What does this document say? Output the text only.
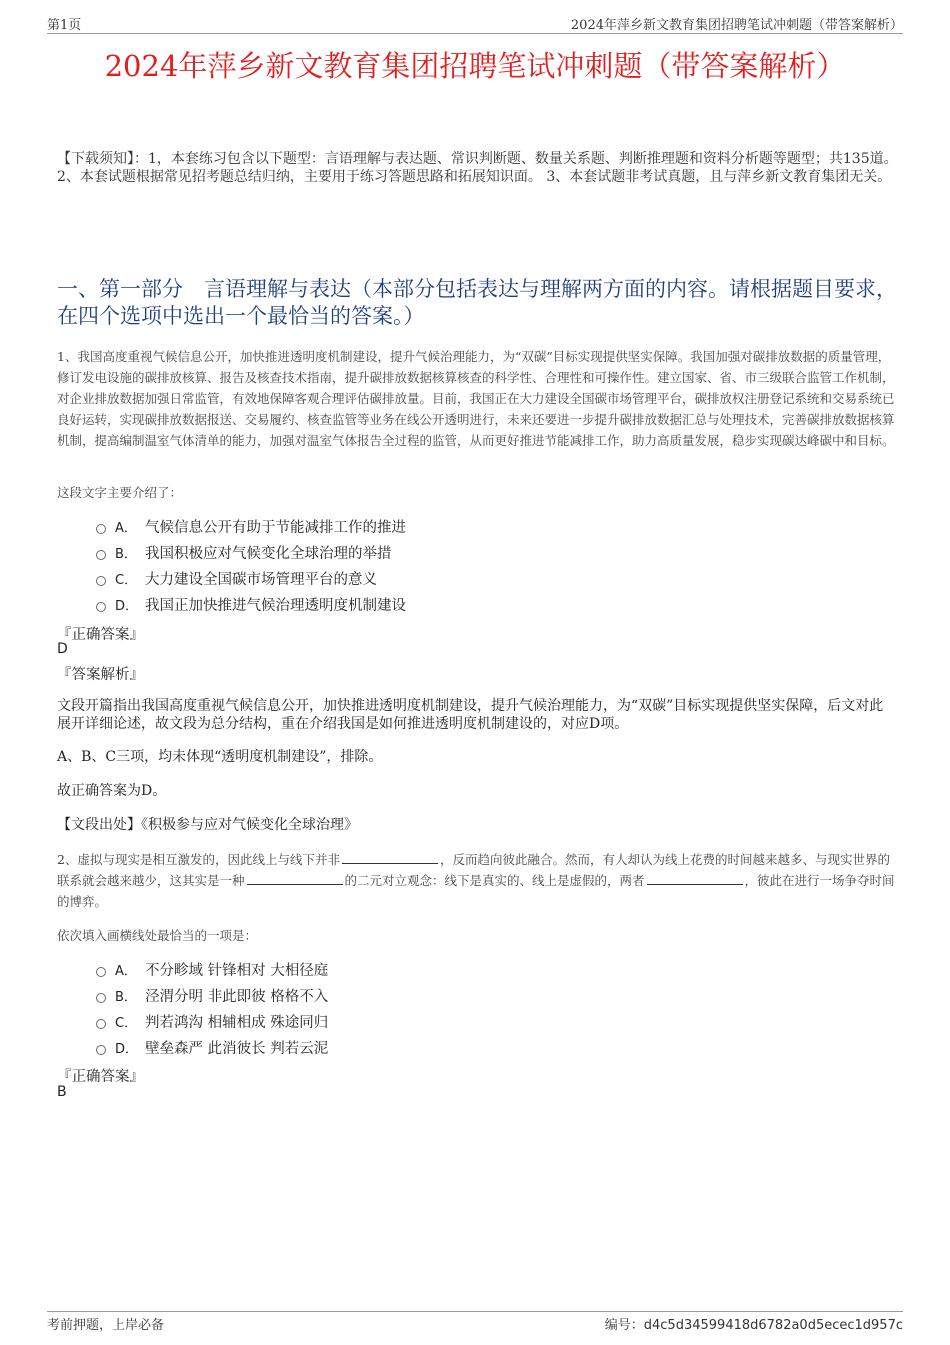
第1页	2024年萍乡新文教育集团招聘笔试冲刺题（带答案解析）
2024年萍乡新文教育集团招聘笔试冲刺题（带答案解析）
【下载须知】：1，本套练习包含以下题型：言语理解与表达题、常识判断题、数量关系题、判断推理题和资料分析题等题型；共135道。 2、本套试题根据常见招考题总结归纳，主要用于练习答题思路和拓展知识面。 3、本套试题非考试真题，且与萍乡新文教育集团无关。
一、第一部分　言语理解与表达（本部分包括表达与理解两方面的内容。请根据题目要求，在四个选项中选出一个最恰当的答案。）
1、我国高度重视气候信息公开，加快推进透明度机制建设，提升气候治理能力，为“双碳”目标实现提供坚实保障。我国加强对碳排放数据的质量管理，修订发电设施的碳排放核算、报告及核查技术指南，提升碳排放数据核算核查的科学性、合理性和可操作性。建立国家、省、市三级联合监管工作机制，对企业排放数据加强日常监管，有效地保障客观合理评估碳排放量。目前，我国正在大力建设全国碳市场管理平台，碳排放权注册登记系统和交易系统已良好运转，实现碳排放数据报送、交易履约、核查监管等业务在线公开透明进行，未来还要进一步提升碳排放数据汇总与处理技术，完善碳排放数据核算机制，提高编制温室气体清单的能力，加强对温室气体报告全过程的监管，从而更好推进节能减排工作，助力高质量发展，稳步实现碳达峰碳中和目标。
这段文字主要介绍了：
A． 气候信息公开有助于节能减排工作的推进
B． 我国积极应对气候变化全球治理的举措
C． 大力建设全国碳市场管理平台的意义
D． 我国正加快推进气候治理透明度机制建设
『正确答案』
D
『答案解析』
文段开篇指出我国高度重视气候信息公开，加快推进透明度机制建设，提升气候治理能力，为“双碳”目标实现提供坚实保障，后文对此展开详细论述，故文段为总分结构，重在介绍我国是如何推进透明度机制建设的，对应D项。
A、B、C三项，均未体现“透明度机制建设”，排除。
故正确答案为D。
【文段出处】《积极参与应对气候变化全球治理》
2、虚拟与现实是相互激发的，因此线上与线下并非	，反而趋向彼此融合。然而，有人却认为线上花费的时间越来越多、与现实世界的联系就会越来越少，这其实是一种	的二元对立观念：线下是真实的、线上是虚假的，两者	，彼此在进行一场争夺时间的博弈。
依次填入画横线处最恰当的一项是：
A． 不分畛域 针锋相对 大相径庭
B． 泾渭分明 非此即彼 格格不入
C． 判若鸿沟 相辅相成 殊途同归
D． 壁垒森严 此消彼长 判若云泥
『正确答案』
B
考前押题，上岸必备	编号：d4c5d34599418d6782a0d5ecec1d957c
